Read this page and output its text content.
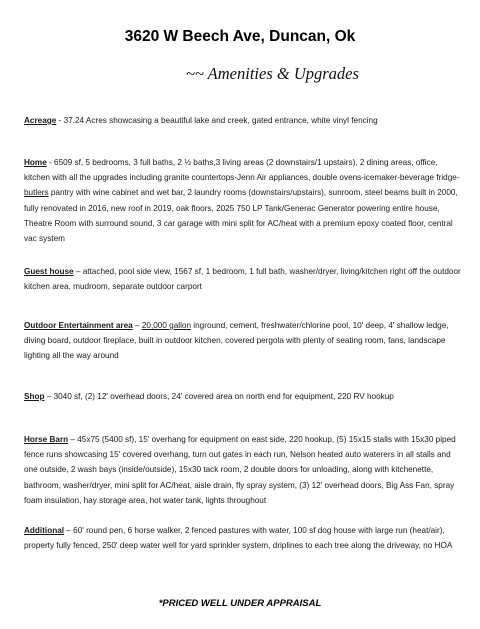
3620 W Beech Ave, Duncan, Ok
~~ Amenities & Upgrades
Acreage - 37.24 Acres showcasing a beautiful lake and creek, gated entrance, white vinyl fencing
Home - 6509 sf, 5 bedrooms, 3 full baths, 2 ½ baths,3 living areas (2 downstairs/1 upstairs), 2 dining areas, office, kitchen with all the upgrades including granite countertops-Jenn Air appliances, double ovens-icemaker-beverage fridge-butlers pantry with wine cabinet and wet bar, 2 laundry rooms (downstairs/upstairs), sunroom, steel beams built in 2000, fully renovated in 2016, new roof in 2019, oak floors, 2025 750 LP Tank/Generac Generator powering entire house, Theatre Room with surround sound, 3 car garage with mini split for AC/heat with a premium epoxy coated floor, central vac system
Guest house – attached, pool side view, 1567 sf, 1 bedroom, 1 full bath, washer/dryer, living/kitchen right off the outdoor kitchen area, mudroom, separate outdoor carport
Outdoor Entertainment area – 20,000 gallon inground, cement, freshwater/chlorine pool, 10' deep, 4' shallow ledge, diving board, outdoor fireplace, built in outdoor kitchen, covered pergola with plenty of seating room, fans, landscape lighting all the way around
Shop – 3040 sf, (2) 12' overhead doors, 24' covered area on north end for equipment, 220 RV hookup
Horse Barn – 45x75 (5400 sf), 15' overhang for equipment on east side, 220 hookup, (5) 15x15 stalls with 15x30 piped fence runs showcasing 15' covered overhang, turn out gates in each run, Nelson heated auto waterers in all stalls and one outside, 2 wash bays (inside/outside), 15x30 tack room, 2 double doors for unloading, along with kitchenette, bathroom, washer/dryer, mini split for AC/heat, aisle drain, fly spray system, (3) 12' overhead doors, Big Ass Fan, spray foam insulation, hay storage area, hot water tank, lights throughout
Additional – 60' round pen, 6 horse walker, 2 fenced pastures with water, 100 sf dog house with large run (heat/air), property fully fenced, 250' deep water well for yard sprinkler system, driplines to each tree along the driveway, no HOA
*PRICED WELL UNDER APPRAISAL
